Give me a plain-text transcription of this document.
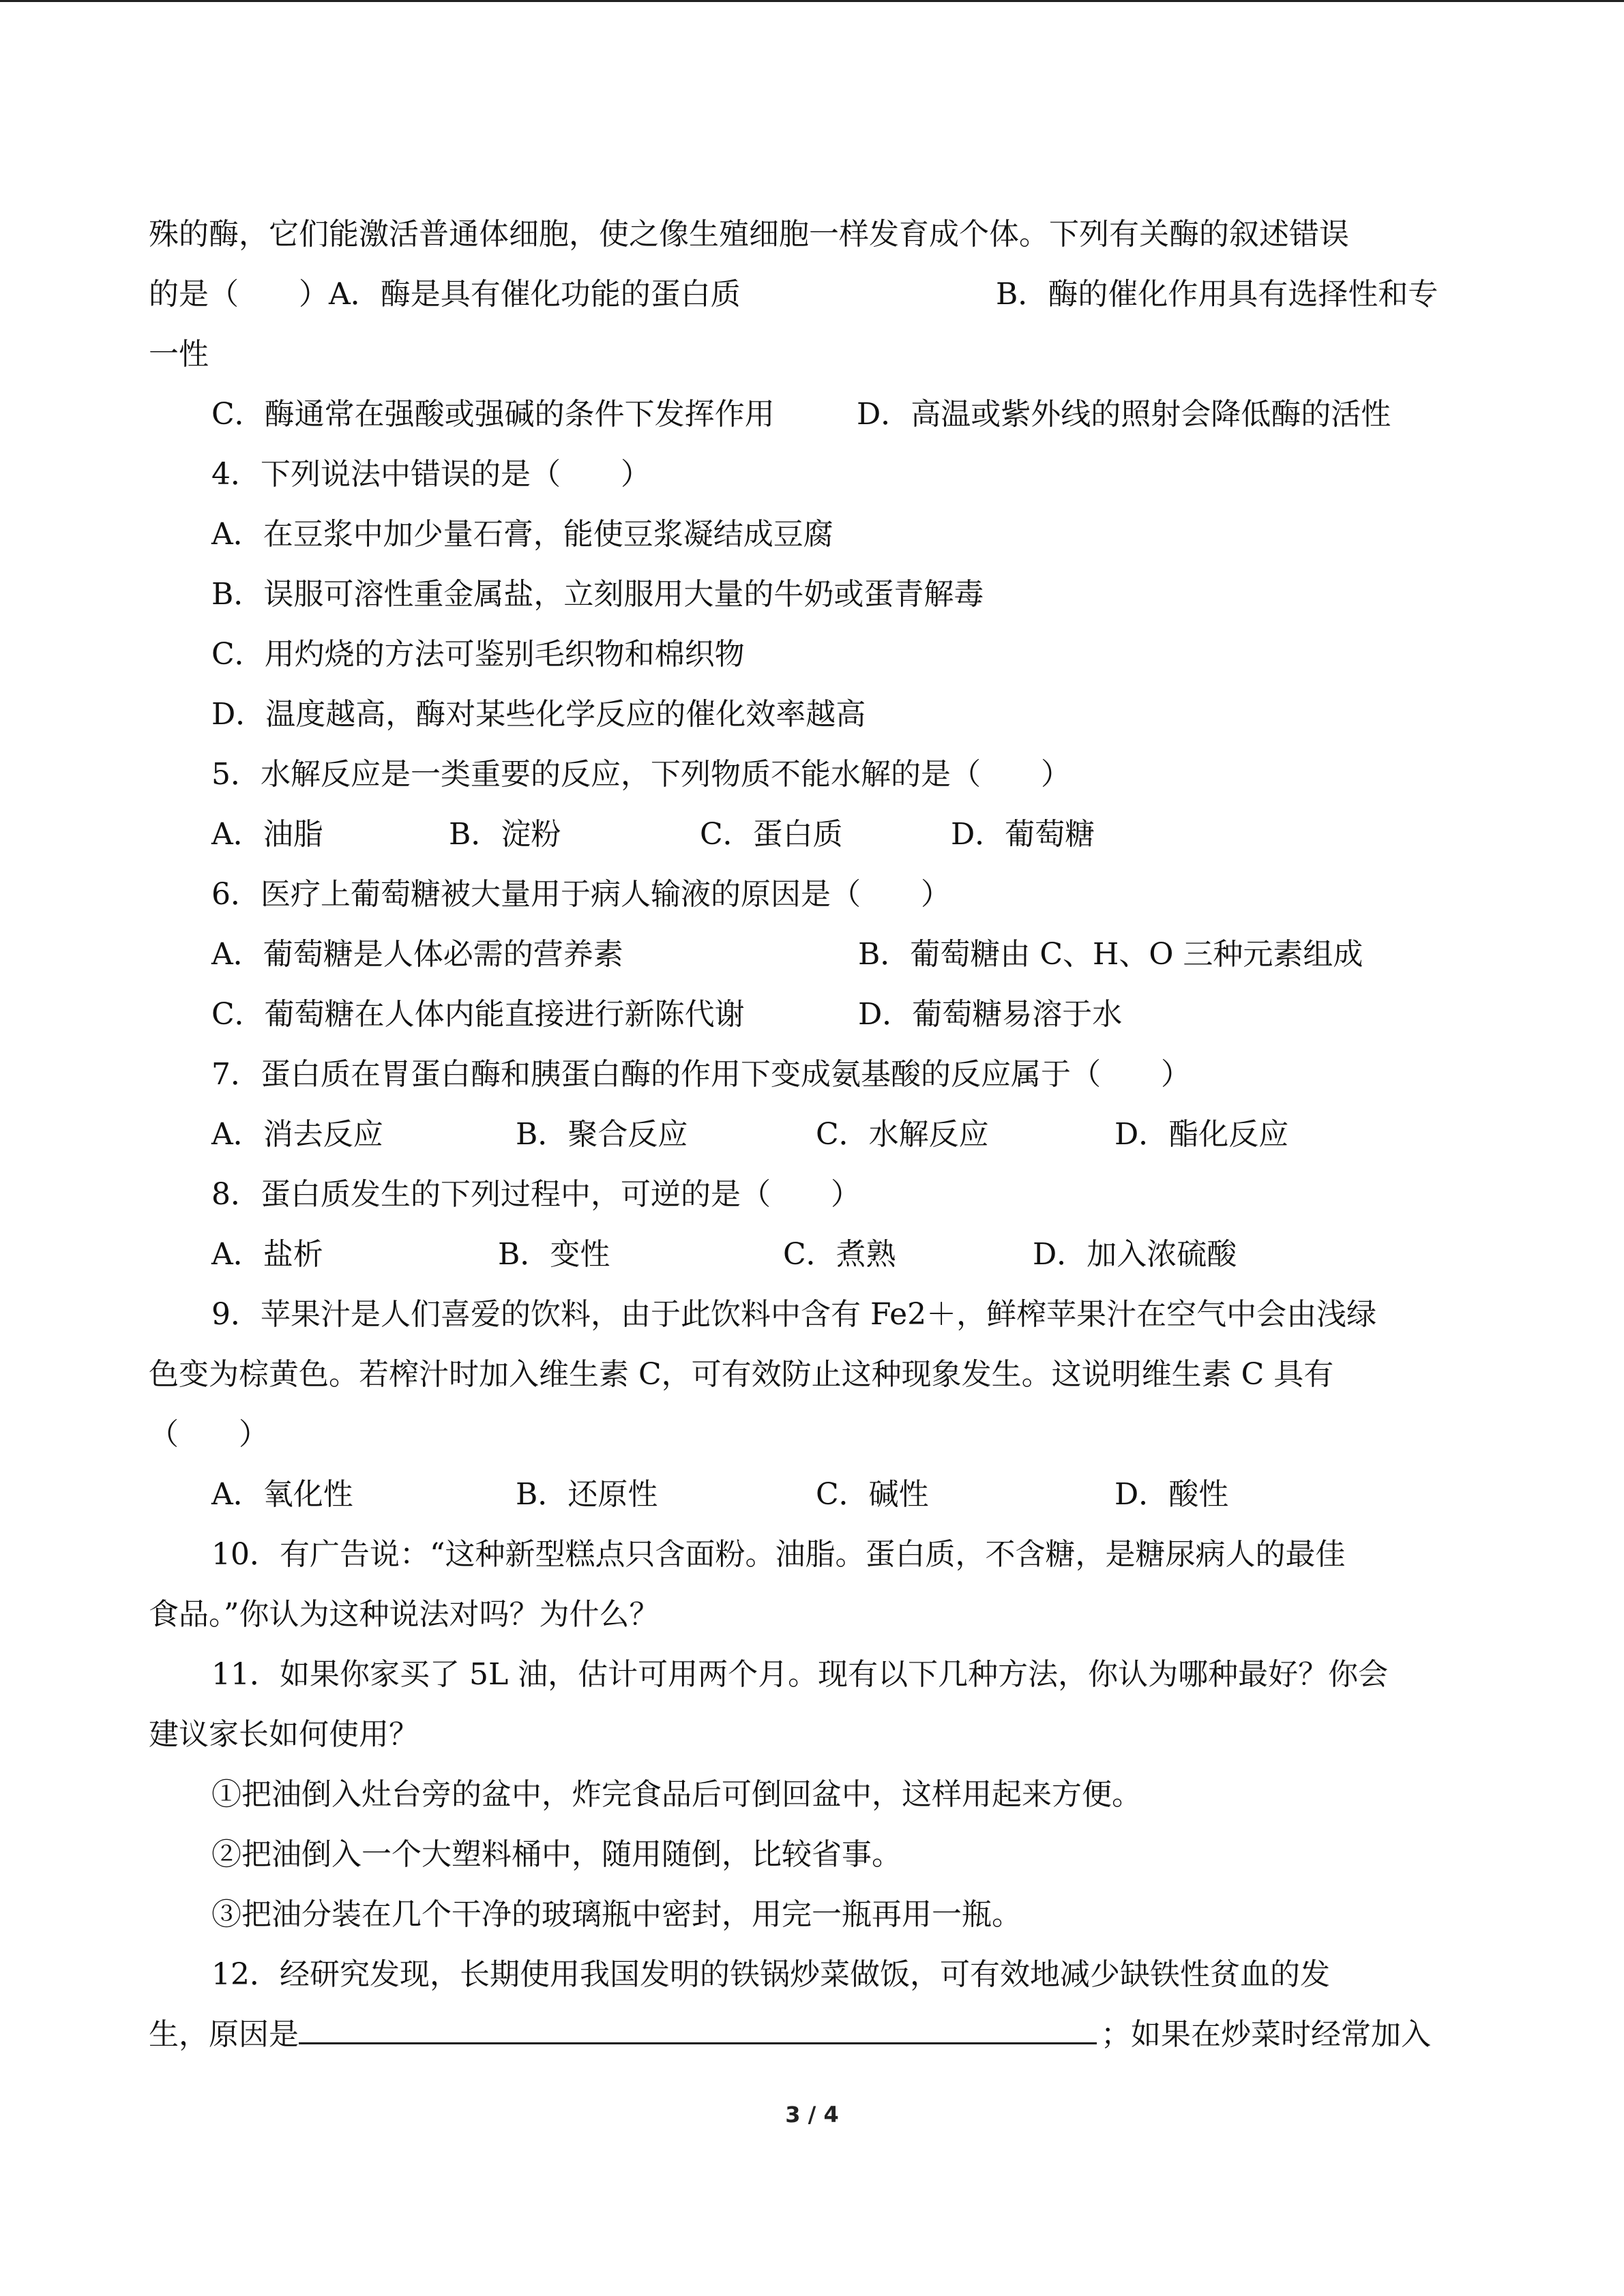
殊的酶，它们能激活普通体细胞，使之像生殖细胞一样发育成个体。下列有关酶的叙述错误
的是（　　）A．酶是具有催化功能的蛋白质	B．酶的催化作用具有选择性和专
一性
C．酶通常在强酸或强碱的条件下发挥作用	D．高温或紫外线的照射会降低酶的活性
4．下列说法中错误的是（　　）
A．在豆浆中加少量石膏，能使豆浆凝结成豆腐
B．误服可溶性重金属盐，立刻服用大量的牛奶或蛋青解毒
C．用灼烧的方法可鉴别毛织物和棉织物
D．温度越高，酶对某些化学反应的催化效率越高
5．水解反应是一类重要的反应，下列物质不能水解的是（　　）
A．油脂	B．淀粉	C．蛋白质	D．葡萄糖
6．医疗上葡萄糖被大量用于病人输液的原因是（　　）
A．葡萄糖是人体必需的营养素	B．葡萄糖由 C、H、O 三种元素组成
C．葡萄糖在人体内能直接进行新陈代谢	D．葡萄糖易溶于水
7．蛋白质在胃蛋白酶和胰蛋白酶的作用下变成氨基酸的反应属于（　　）
A．消去反应	B．聚合反应	C．水解反应	D．酯化反应
8．蛋白质发生的下列过程中，可逆的是（　　）
A．盐析	B．变性	C．煮熟	D．加入浓硫酸
9．苹果汁是人们喜爱的饮料，由于此饮料中含有 Fe2＋，鲜榨苹果汁在空气中会由浅绿
色变为棕黄色。若榨汁时加入维生素 C，可有效防止这种现象发生。这说明维生素 C 具有
（　　）
A．氧化性	B．还原性	C．碱性	D．酸性
10．有广告说：“这种新型糕点只含面粉。油脂。蛋白质，不含糖，是糖尿病人的最佳
食品。”你认为这种说法对吗？为什么？
11．如果你家买了 5L 油，估计可用两个月。现有以下几种方法，你认为哪种最好？你会
建议家长如何使用？
①把油倒入灶台旁的盆中，炸完食品后可倒回盆中，这样用起来方便。
②把油倒入一个大塑料桶中，随用随倒，比较省事。
③把油分装在几个干净的玻璃瓶中密封，用完一瓶再用一瓶。
12．经研究发现，长期使用我国发明的铁锅炒菜做饭，可有效地减少缺铁性贫血的发
生，原因是	；如果在炒菜时经常加入
3 / 4
